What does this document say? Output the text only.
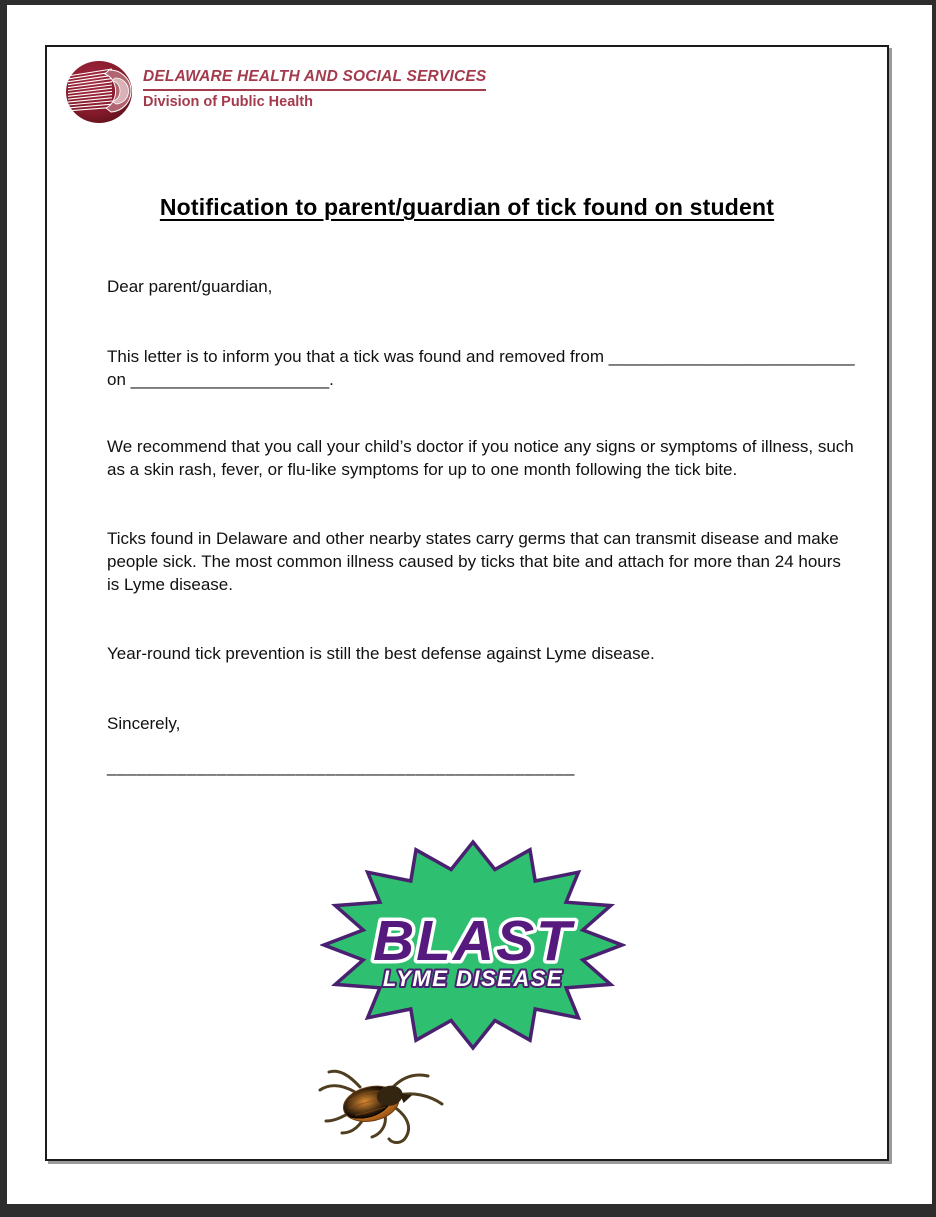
DELAWARE HEALTH AND SOCIAL SERVICES
Division of Public Health
Notification to parent/guardian of tick found on student

Dear parent/guardian,

This letter is to inform you that a tick was found and removed from __________________________
on _____________________.

We recommend that you call your child’s doctor if you notice any signs or symptoms of illness, such as a skin rash, fever, or flu-like symptoms for up to one month following the tick bite.

Ticks found in Delaware and other nearby states carry germs that can transmit disease and make people sick. The most common illness caused by ticks that bite and attach for more than 24 hours is Lyme disease.

Year-round tick prevention is still the best defense against Lyme disease.

Sincerely,

_______________________________________________

BLAST
LYME DISEASE
